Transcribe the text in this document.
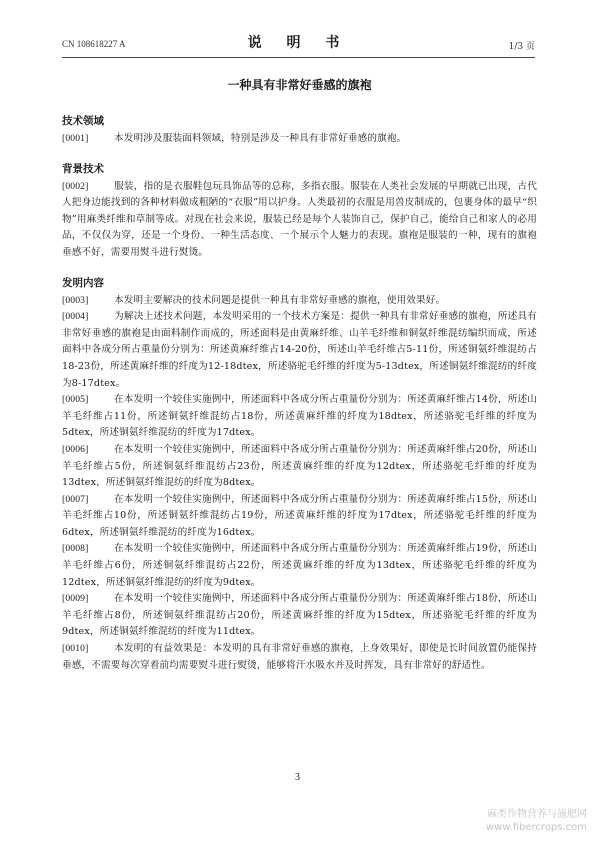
CN 108618227 A	说 明 书	1/3 页
一种具有非常好垂感的旗袍
技术领域

[0001]	本发明涉及服装面料领域，特别是涉及一种具有非常好垂感的旗袍。

背景技术

[0002]	服装，指的是衣服鞋包玩具饰品等的总称，多指衣服。服装在人类社会发展的早期就已出现，古代人把身边能找到的各种材料做成粗陋的“衣服”用以护身。人类最初的衣服是用兽皮制成的，包裹身体的最早“织物”用麻类纤维和草制等成。对现在社会来说，服装已经是每个人装饰自己，保护自己，能给自己和家人的必用品，不仅仅为穿，还是一个身份、一种生活态度、一个展示个人魅力的表现。旗袍是服装的一种，现有的旗袍垂感不好，需要用熨斗进行熨烫。

发明内容

[0003]	本发明主要解决的技术问题是提供一种具有非常好垂感的旗袍，使用效果好。

[0004]	为解决上述技术问题，本发明采用的一个技术方案是：提供一种具有非常好垂感的旗袍，所述具有非常好垂感的旗袍是由面料制作而成的，所述面料是由黄麻纤维、山羊毛纤维和铜氨纤维混纺编织而成，所述面料中各成分所占重量份分别为：所述黄麻纤维占14-20份，所述山羊毛纤维占5-11份，所述铜氨纤维混纺占18-23份，所述黄麻纤维的纤度为12-18dtex，所述骆驼毛纤维的纤度为5-13dtex，所述铜氨纤维混纺的纤度为8-17dtex。

[0005]	在本发明一个较佳实施例中，所述面料中各成分所占重量份分别为：所述黄麻纤维占14份，所述山羊毛纤维占11份，所述铜氨纤维混纺占18份，所述黄麻纤维的纤度为18dtex，所述骆驼毛纤维的纤度为5dtex，所述铜氨纤维混纺的纤度为17dtex。

[0006]	在本发明一个较佳实施例中，所述面料中各成分所占重量份分别为：所述黄麻纤维占20份，所述山羊毛纤维占5份，所述铜氨纤维混纺占23份，所述黄麻纤维的纤度为12dtex，所述骆驼毛纤维的纤度为13dtex，所述铜氨纤维混纺的纤度为8dtex。

[0007]	在本发明一个较佳实施例中，所述面料中各成分所占重量份分别为：所述黄麻纤维占15份，所述山羊毛纤维占10份，所述铜氨纤维混纺占19份，所述黄麻纤维的纤度为17dtex，所述骆驼毛纤维的纤度为6dtex，所述铜氨纤维混纺的纤度为16dtex。

[0008]	在本发明一个较佳实施例中，所述面料中各成分所占重量份分别为：所述黄麻纤维占19份，所述山羊毛纤维占6份，所述铜氨纤维混纺占22份，所述黄麻纤维的纤度为13dtex，所述骆驼毛纤维的纤度为12dtex，所述铜氨纤维混纺的纤度为9dtex。

[0009]	在本发明一个较佳实施例中，所述面料中各成分所占重量份分别为：所述黄麻纤维占18份，所述山羊毛纤维占8份，所述铜氨纤维混纺占20份，所述黄麻纤维的纤度为15dtex，所述骆驼毛纤维的纤度为9dtex，所述铜氨纤维混纺的纤度为11dtex。

[0010]	本发明的有益效果是：本发明的具有非常好垂感的旗袍，上身效果好，即使是长时间放置仍能保持垂感，不需要每次穿着前均需要熨斗进行熨烫，能够将汗水吸水并及时挥发，具有非常好的舒适性。

3
麻类作物营养与施肥网
www.fibercrops.com
